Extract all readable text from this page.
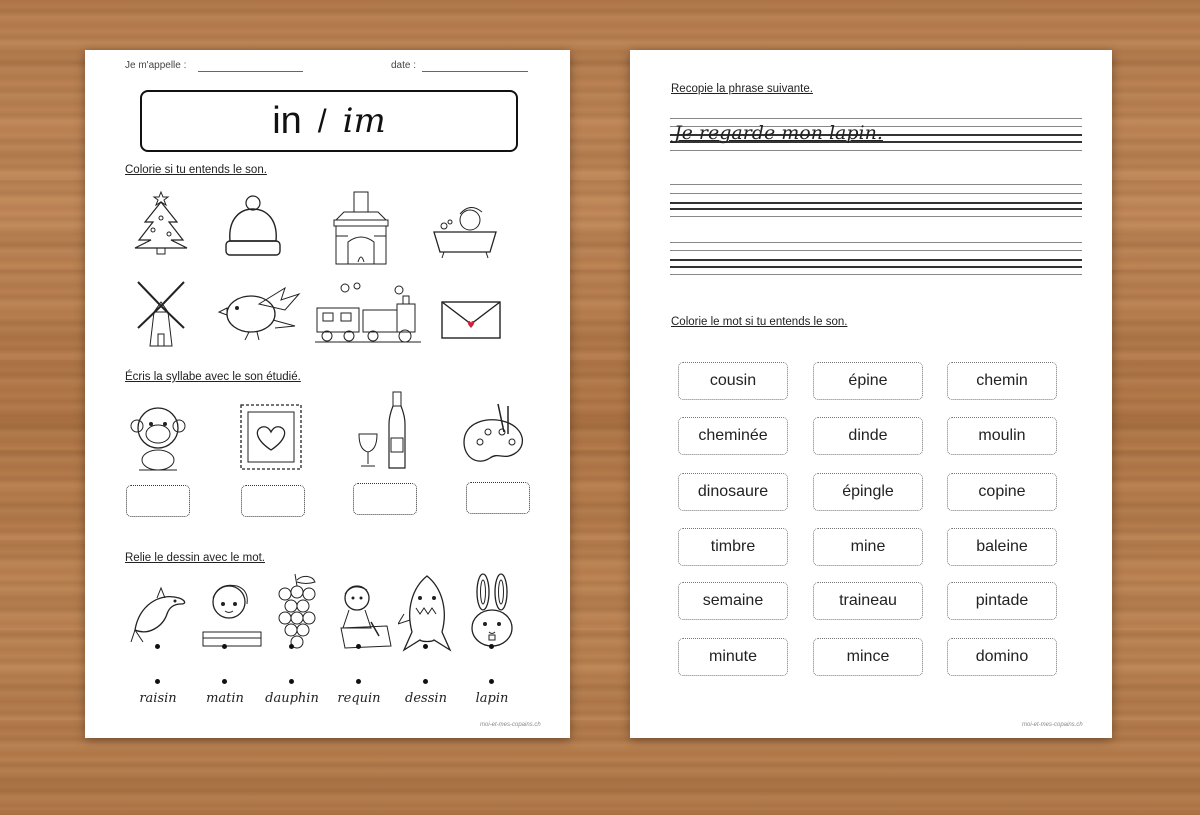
Je m'appelle :	date :
in / im
Colorie si tu entends le son.
Écris la syllabe avec le son étudié.
Relie le dessin avec le mot.
raisin	matin	dauphin	requin	dessin	lapin
moi-et-mes-copains.ch
Recopie la phrase suivante.
Je regarde mon lapin.
Colorie le mot si tu entends le son.
cousin	épine	chemin
cheminée	dinde	moulin
dinosaure	épingle	copine
timbre	mine	baleine
semaine	traineau	pintade
minute	mince	domino
moi-et-mes-copains.ch
